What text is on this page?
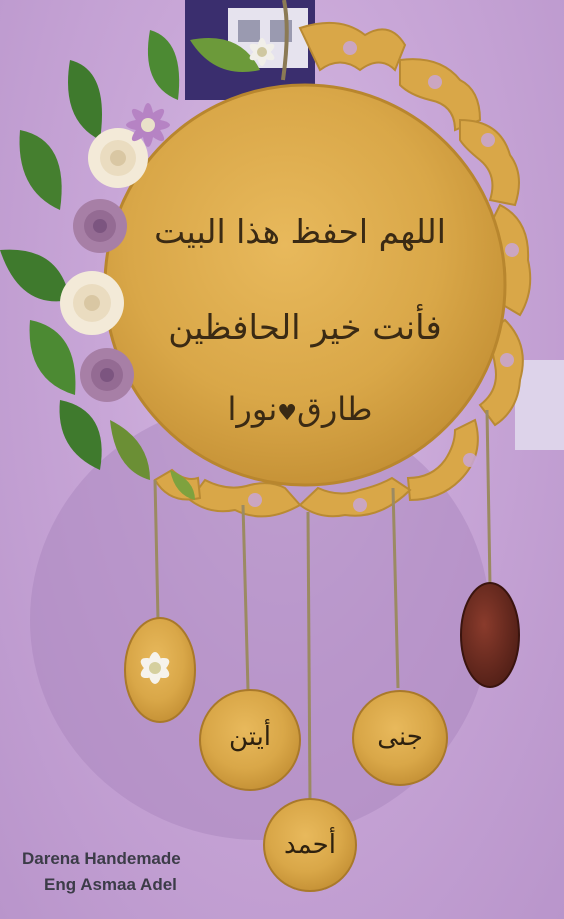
اللهم احفظ هذا البيت
فأنت خير الحافظين
طارق♥نورا
أيتن	جنى
أحمد
Darena Handemade
Eng Asmaa Adel
